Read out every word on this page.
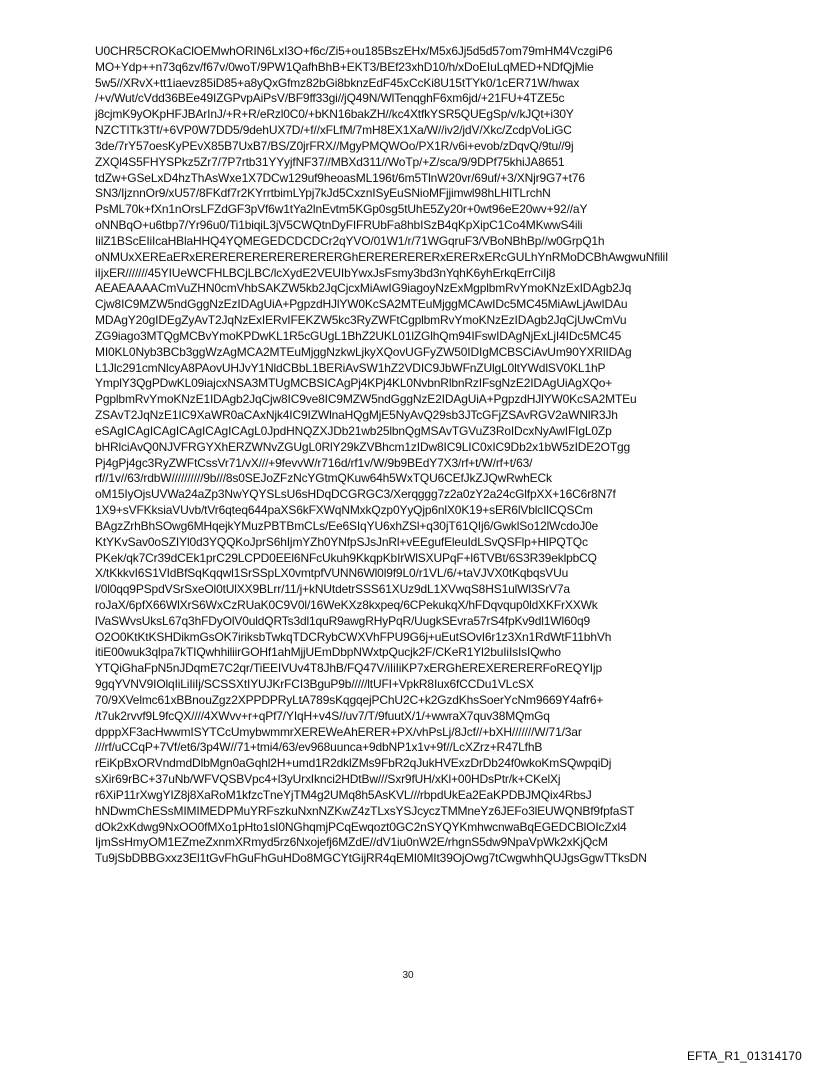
U0CHR5CROKaClOEMwhORIN6LxI3O+f6c/Zi5+ou185BszEHx/M5x6Jj5d5d57om79mHM4VczgiP6
MO+Ydp++n73q6zv/f67v/0woT/9PW1QafhBhB+EKT3/BEf23xhD10/h/xDoEIuLqMED+NDfQjMie
5w5//XRvX+tt1iaevz85iD85+a8yQxGfmz82bGi8bknzEdF45xCcKi8U15tTYk0/1cER71W/hwax
/+v/Wut/cVdd36BEe49IZGPvpAiPsV/BF9ff33gi//jQ49N/WlTenqghF6xm6jd/+21FU+4TZE5c
j8cjmK9yOKpHFJBArInJ/+R+R/eRzl0C0/+bKN16bakZH//kc4XtfkYSR5QUEgSp/v/kJQt+i30Y
NZCTITk3Tf/+6VP0W7DD5/9dehUX7D/+f//xFLfM/7mH8EX1Xa/W//iv2/jdV/Xkc/ZcdpVoLiGC
3de/7rY57oesKyPEvX85B7UxB7/BS/Z0jrFRX//MgyPMQWOo/PX1R/v6i+evob/zDqvQ/9tu//9j
ZXQl4S5FHYSPkz5Zr7/7P7rtb31YYyjfNF37//MBXd311//WoTp/+Z/sca/9/9DPf75khiJA8651
tdZw+GSeLxD4hzThAsWxe1X7DCw129uf9heoasML196t/6m5TlnW20vr/69uf/+3/XNjr9G7+t76
SN3/IjznnOr9/xU57/8FKdf7r2KYrrtbimLYpj7kJd5CxznISyEuSNioMFjjimwl98hLHITLrchN
PsML70k+fXn1nOrsLFZdGF3pVf6w1tYa2lnEvtm5KGp0sg5tUhE5Zy20r+0wt96eE20wv+92//aY
oNNBqO+u6tbp7/Yr96u0/Ti1biqiL3jV5CWQtnDyFIFRUbFa8hbISzB4qKpXipC1Co4MKwwS4ili
IilZ1BScEIiIcaHBlaHHQ4YQMEGEDCDCDCr2qYVO/01W1/r/71WGqruF3/VBoNBhBp//w0GrpQ1h
oNMUxXEREaERxERERERERERERERERERGhERERERERERxERERxERcGULhYnRMoDCBhAwgwuNfiliI
iIjxER///////45YIUeWCFHLBCjLBC/lcXydE2VEUIbYwxJsFsmy3bd3nYqhK6yhErkqErrCiIj8
AEAEAAAACmVuZHN0cmVhbSAKZW5kb2JqCjcxMiAwIG9iagoyNzExMgplbmRvYmoKNzExIDAgb2Jq
Cjw8IC9MZW5ndGggNzEzIDAgUiA+PgpzdHJlYW0KcSA2MTEuMjggMCAwIDc5MC45MiAwLjAwIDAu
MDAgY20gIDEgZyAvT2JqNzExIERvIFEKZW5kc3RyZWFtCgplbmRvYmoKNzEzIDAgb2JqCjUwCmVu
ZG9iago3MTQgMCBvYmoKPDwKL1R5cGUgL1BhZ2UKL01lZGlhQm94IFswIDAgNjExLjI4IDc5MC45
MI0KL0Nyb3BCb3ggWzAgMCA2MTEuMjggNzkwLjkyXQovUGFyZW50IDIgMCBSCiAvUm90YXRlIDAg
L1Jlc291cmNlcyA8PAovUHJvY1NldCBbL1BERiAvSW1hZ2VDIC9JbWFnZUlgL0ltYWdlSV0KL1hP
YmplY3QgPDwKL09iajcxNSA3MTUgMCBSICAgPj4KPj4KL0NvbnRlbnRzIFsgNzE2IDAgUiAgXQo+
PgplbmRvYmoKNzE1IDAgb2JqCjw8IC9ve8IC9MZW5ndGggNzE2IDAgUiA+PgpzdHJlYW0KcSA2MTEu
ZSAvT2JqNzE1IC9XaWR0aCAxNjk4IC9IZWlnaHQgMjE5NyAvQ29sb3JTcGFjZSAvRGV2aWNlR3Jh
eSAgICAgICAgICAgICAgICAgL0JpdHNQZXJDb21wb25lbnQgMSAvTGVuZ3RoIDcxNyAwIFIgL0Zp
bHRlciAvQ0NJVFRGYXhERZWNvZGUgL0RlY29kZVBhcm1zIDw8IC9LIC0xIC9Db2x1bW5zIDE2OTgg
Pj4gPj4gc3RyZWFtCssVr71/vX///+9fevvW/r716d/rf1v/W/9b9BEdY7X3/rf+t/W/rf+t/63/
rf//1v//63/rdbW//////////9b///8s0SEJoZFzNcYGtmQKuw64h5WxTQU6CEfJkZJQwRwhECk
oM15IyOjsUVWa24aZp3NwYQYSLsU6sHDqDCGRGC3/Xerqggg7z2a0zY2a24cGlfpXX+16C6r8N7f
1X9+sVFKksiaVUvb/tVr6qteq644paXS6kFXWqNMxkQzp0YyQjp6nlX0K19+sER6lVblcIlCQSCm
BAgzZrhBhSOwg6MHqejkYMuzPBTBmCLs/Ee6SIqYU6xhZSl+q30jT61QIj6/GwklSo12lWcdoJ0e
KtYKvSav0oSZIYl0d3YQQKoJprS6hIjmYZh0YNfpSJsJnRl+vEEgufEleuIdLSvQSFlp+HlPQTQc
PKek/qk7Cr39dCEk1prC29LCPD0EEl6NFcUkuh9KkqpKbIrWlSXUPqF+l6TVBt/6S3R39eklpbCQ
X/tKkkvI6S1VIdBfSqKqqwl1SrSSpLX0vmtpfVUNN6Wl0l9f9L0/r1VL/6/+taVJVX0tKqbqsVUu
l/0l0qq9PSpdVSrSxeOl0tUlXX9BLrr/11/j+kNUtdetrSSS61XUz9dL1XVwqS8HS1ulWl3SrV7a
roJaX/6pfX66WlXrS6WxCzRUaK0C9V0l/16WeKXz8kxpeq/6CPekukqX/hFDqvqup0ldXKFrXXWk
lVaSWvsUksL67q3hFDyOlV0uldQRTs3dl1quR9awgRHyPqR/UugkSEvra57rS4fpKv9dl1Wl60q9
O2O0KtKtKSHDikmGsOK7iriksbTwkqTDCRybCWXVhFPU9G6j+uEutSOvI6r1z3Xn1RdWtF11bhVh
itiE00wuk3qlpa7kTIQwhhiliirGOHf1ahMjjUEmDbpNWxtpQucjk2F/CKeR1Yl2buIiIsIsIQwho
YTQiGhaFpN5nJDqmE7C2qr/TiEEIVUv4T8JhB/FQ47V/iIiIiKP7xERGhEREXERERERFoREQYIjp
9gqYVNV9IOlqIiLiIiIj/SCSSXtIYUJKrFCI3BguP9b/////ltUFI+VpkR8Iux6fCCDu1VLcSX
70/9XVelmc61xBBnouZgz2XPPDPRyLtA789sKqgqejPChU2C+k2GzdKhsSoerYcNm9669Y4afr6+
/t7uk2rvvf9L9fcQX////4XWvv+r+qPf7/YIqH+v4S//uv7/T/9fuutX/1/+wwraX7quv38MQmGq
dpppXF3acHwwmISYTCcUmybwmmrXEREWeAhERER+PX/vhPsLj/8Jcf//+bXH///////W/71/3ar
///rf/uCCqP+7Vf/et6/3p4W//71+tmi4/63/ev968uunca+9dbNP1x1v+9f//LcXZrz+R47LfhB
rEiKpBxORVndmdDlbMgn0aGqhl2H+umd1R2dklZMs9FbR2qJukHVExzDrDb24f0wkoKmSQwpqiDj
sXir69rBC+37uNb/WFVQSBVpc4+l3yUrxIknci2HDtBw///Sxr9fUH/xKl+00HDsPtr/k+CKelXj
r6XiP11rXwgYIZ8j8XaRoM1kfzcTneYjTM4g2UMq8h5AsKVL///rbpdUkEa2EaKPDBJMQix4RbsJ
hNDwmChESsMIMIMEDPMuYRFszkuNxnNZKwZ4zTLxsYSJcyczTMMneYz6JEFo3lEUWQNBf9fpfaST
dOk2xKdwg9NxOO0fMXo1pHto1sI0NGhqmjPCqEwqozt0GC2nSYQYKmhwcnwaBqEGEDCBlOIcZxl4
IjmSsHmyOM1EZmeZxnmXRmyd5rz6Nxojefj6MZdE//dV1iu0nW2E/rhgnS5dw9NpaVpWk2xKjQcM
Tu9jSbDBBGxxz3El1tGvFhGuFhGuHDo8MGCYtGijRR4qEMI0MIt39OjOwg7tCwgwhhQUJgsGgwTTksDN
30
EFTA_R1_01314170
